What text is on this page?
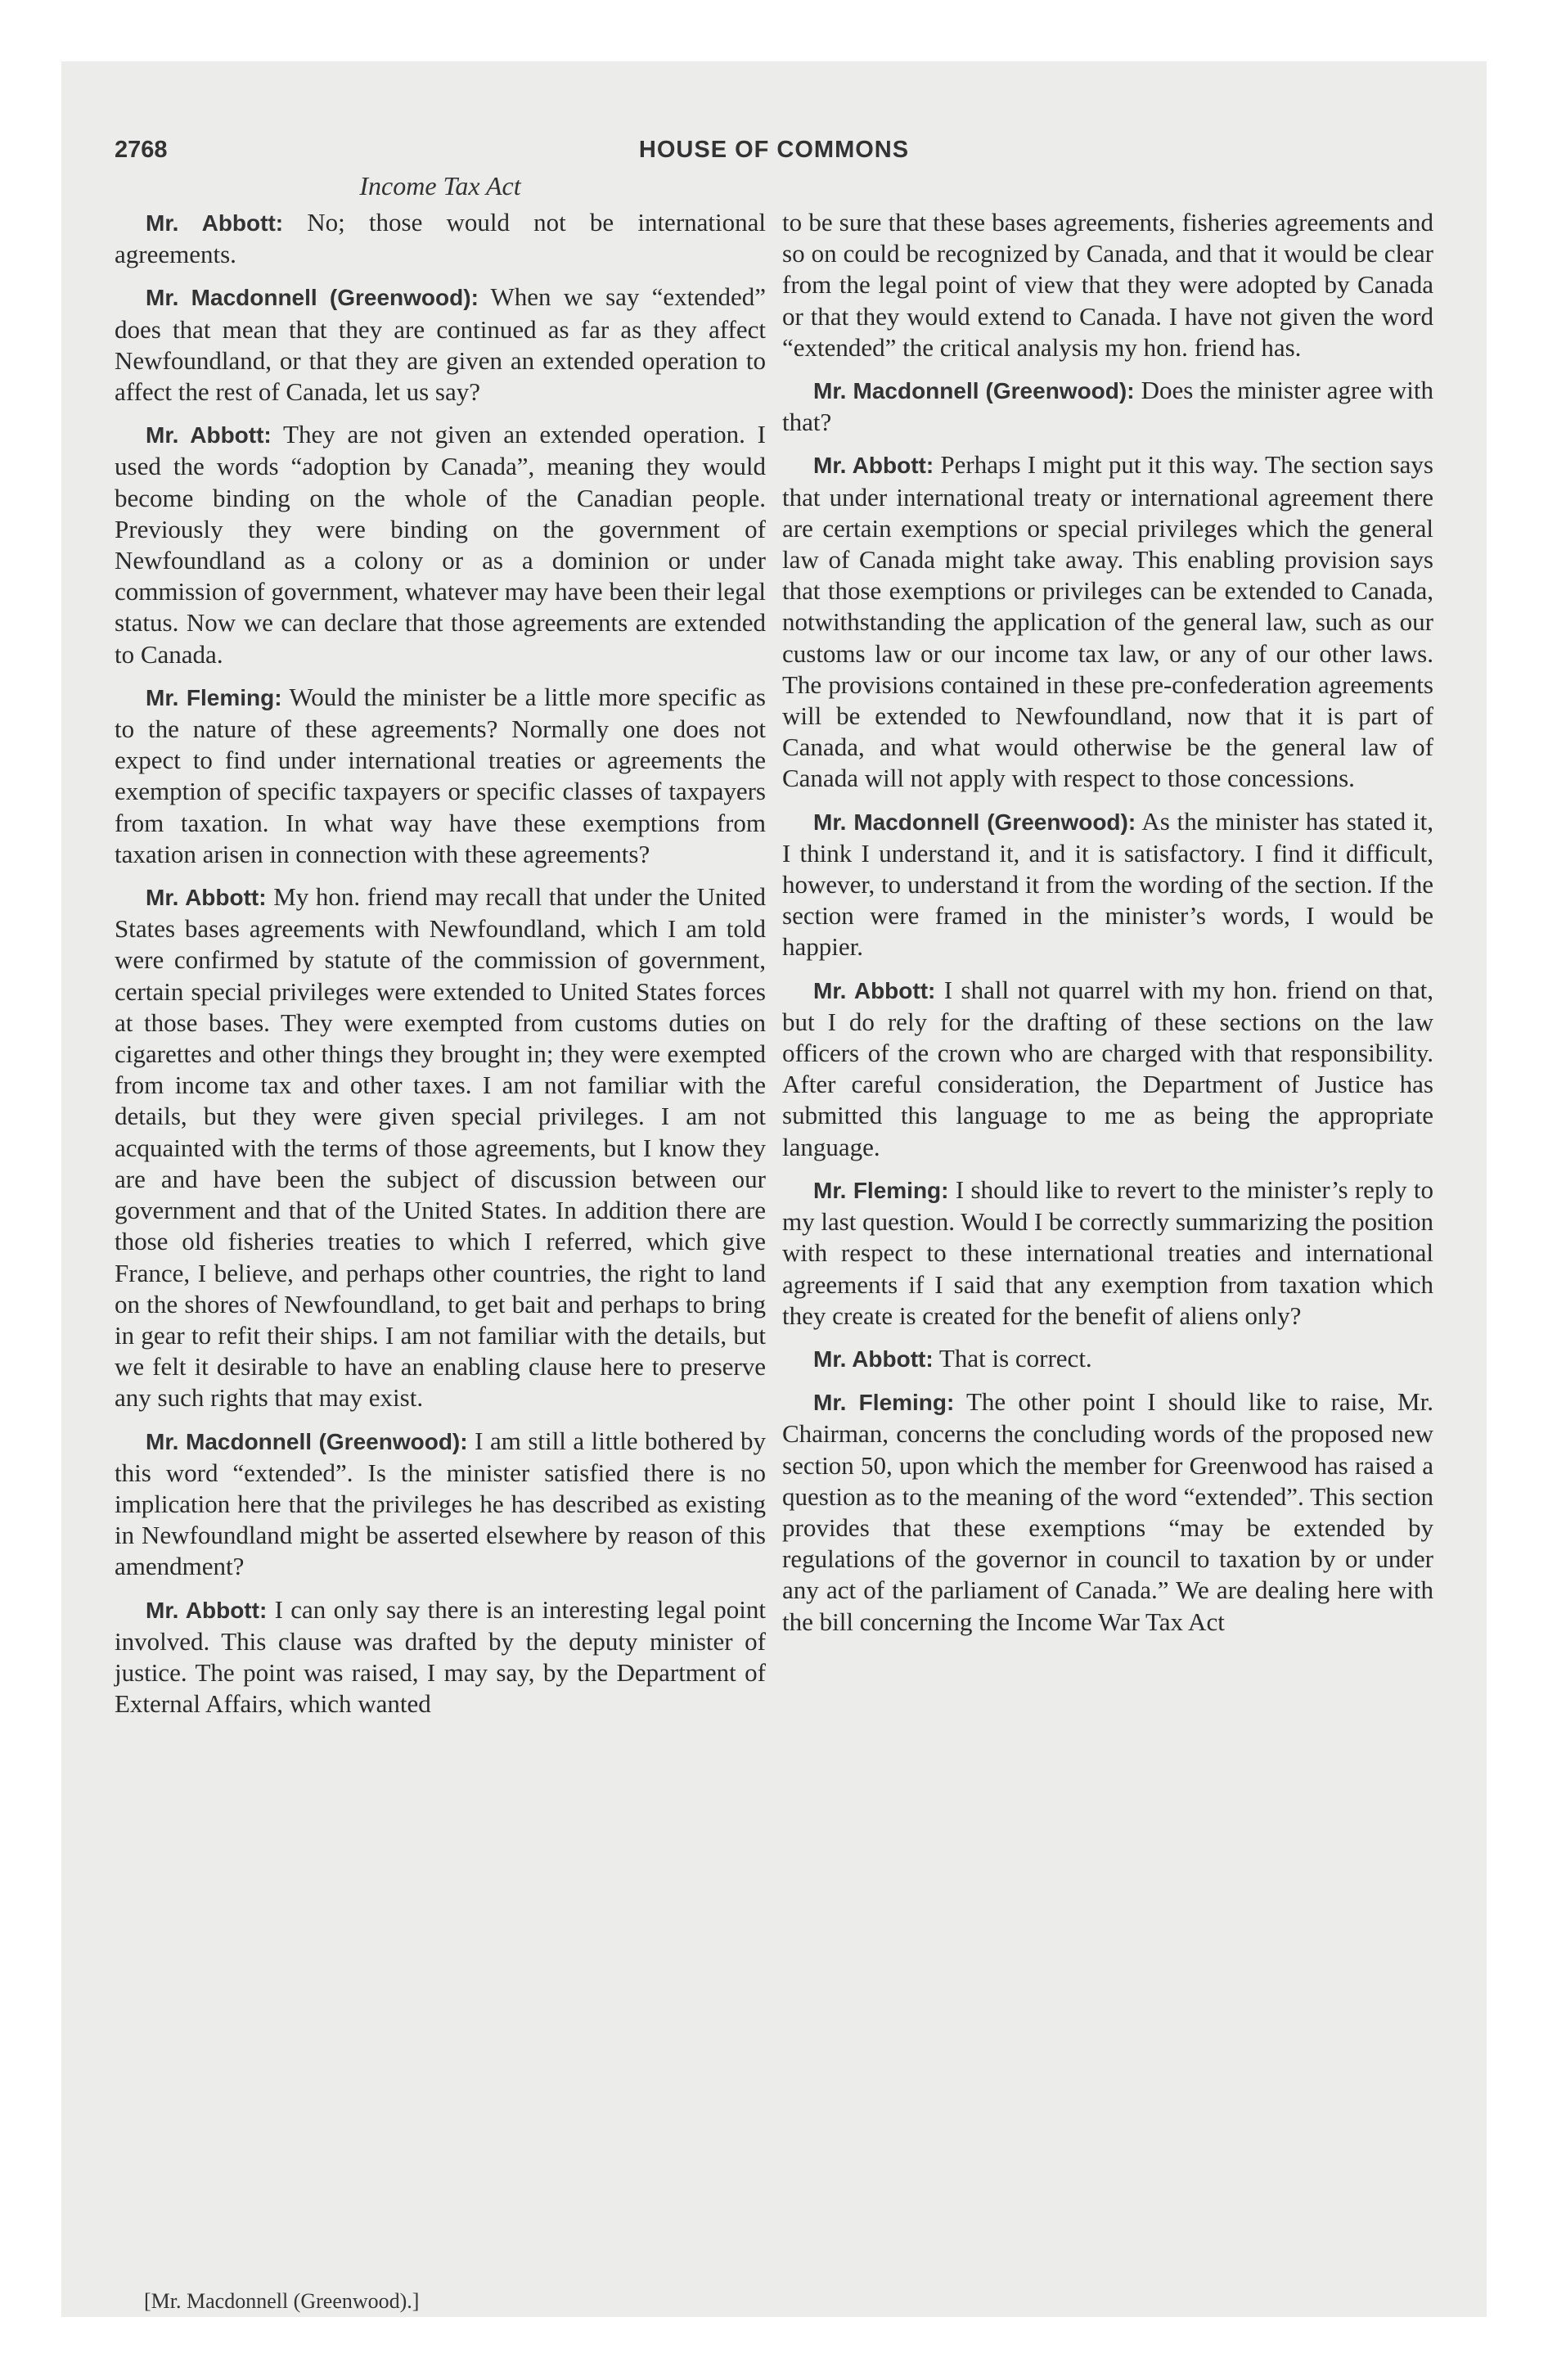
2768	HOUSE OF COMMONS
Income Tax Act

Mr. Abbott: No; those would not be international agreements.

Mr. Macdonnell (Greenwood): When we say “extended” does that mean that they are continued as far as they affect Newfoundland, or that they are given an extended operation to affect the rest of Canada, let us say?

Mr. Abbott: They are not given an extended operation. I used the words “adoption by Canada”, meaning they would become binding on the whole of the Canadian people. Previously they were binding on the government of Newfoundland as a colony or as a dominion or under commission of government, whatever may have been their legal status. Now we can declare that those agreements are extended to Canada.

Mr. Fleming: Would the minister be a little more specific as to the nature of these agreements? Normally one does not expect to find under international treaties or agreements the exemption of specific taxpayers or specific classes of taxpayers from taxation. In what way have these exemptions from taxation arisen in connection with these agreements?

Mr. Abbott: My hon. friend may recall that under the United States bases agreements with Newfoundland, which I am told were confirmed by statute of the commission of government, certain special privileges were extended to United States forces at those bases. They were exempted from customs duties on cigarettes and other things they brought in; they were exempted from income tax and other taxes. I am not familiar with the details, but they were given special privileges. I am not acquainted with the terms of those agreements, but I know they are and have been the subject of discussion between our government and that of the United States. In addition there are those old fisheries treaties to which I referred, which give France, I believe, and perhaps other countries, the right to land on the shores of Newfoundland, to get bait and perhaps to bring in gear to refit their ships. I am not familiar with the details, but we felt it desirable to have an enabling clause here to preserve any such rights that may exist.

Mr. Macdonnell (Greenwood): I am still a little bothered by this word “extended”. Is the minister satisfied there is no implication here that the privileges he has described as existing in Newfoundland might be asserted elsewhere by reason of this amendment?

Mr. Abbott: I can only say there is an interesting legal point involved. This clause was drafted by the deputy minister of justice. The point was raised, I may say, by the Department of External Affairs, which wanted

to be sure that these bases agreements, fisheries agreements and so on could be recognized by Canada, and that it would be clear from the legal point of view that they were adopted by Canada or that they would extend to Canada. I have not given the word “extended” the critical analysis my hon. friend has.

Mr. Macdonnell (Greenwood): Does the minister agree with that?

Mr. Abbott: Perhaps I might put it this way. The section says that under international treaty or international agreement there are certain exemptions or special privileges which the general law of Canada might take away. This enabling provision says that those exemptions or privileges can be extended to Canada, notwithstanding the application of the general law, such as our customs law or our income tax law, or any of our other laws. The provisions contained in these pre-confederation agreements will be extended to Newfoundland, now that it is part of Canada, and what would otherwise be the general law of Canada will not apply with respect to those concessions.

Mr. Macdonnell (Greenwood): As the minister has stated it, I think I understand it, and it is satisfactory. I find it difficult, however, to understand it from the wording of the section. If the section were framed in the minister’s words, I would be happier.

Mr. Abbott: I shall not quarrel with my hon. friend on that, but I do rely for the drafting of these sections on the law officers of the crown who are charged with that responsibility. After careful consideration, the Department of Justice has submitted this language to me as being the appropriate language.

Mr. Fleming: I should like to revert to the minister’s reply to my last question. Would I be correctly summarizing the position with respect to these international treaties and international agreements if I said that any exemption from taxation which they create is created for the benefit of aliens only?

Mr. Abbott: That is correct.

Mr. Fleming: The other point I should like to raise, Mr. Chairman, concerns the concluding words of the proposed new section 50, upon which the member for Greenwood has raised a question as to the meaning of the word “extended”. This section provides that these exemptions “may be extended by regulations of the governor in council to taxation by or under any act of the parliament of Canada.” We are dealing here with the bill concerning the Income War Tax Act

[Mr. Macdonnell (Greenwood).]
